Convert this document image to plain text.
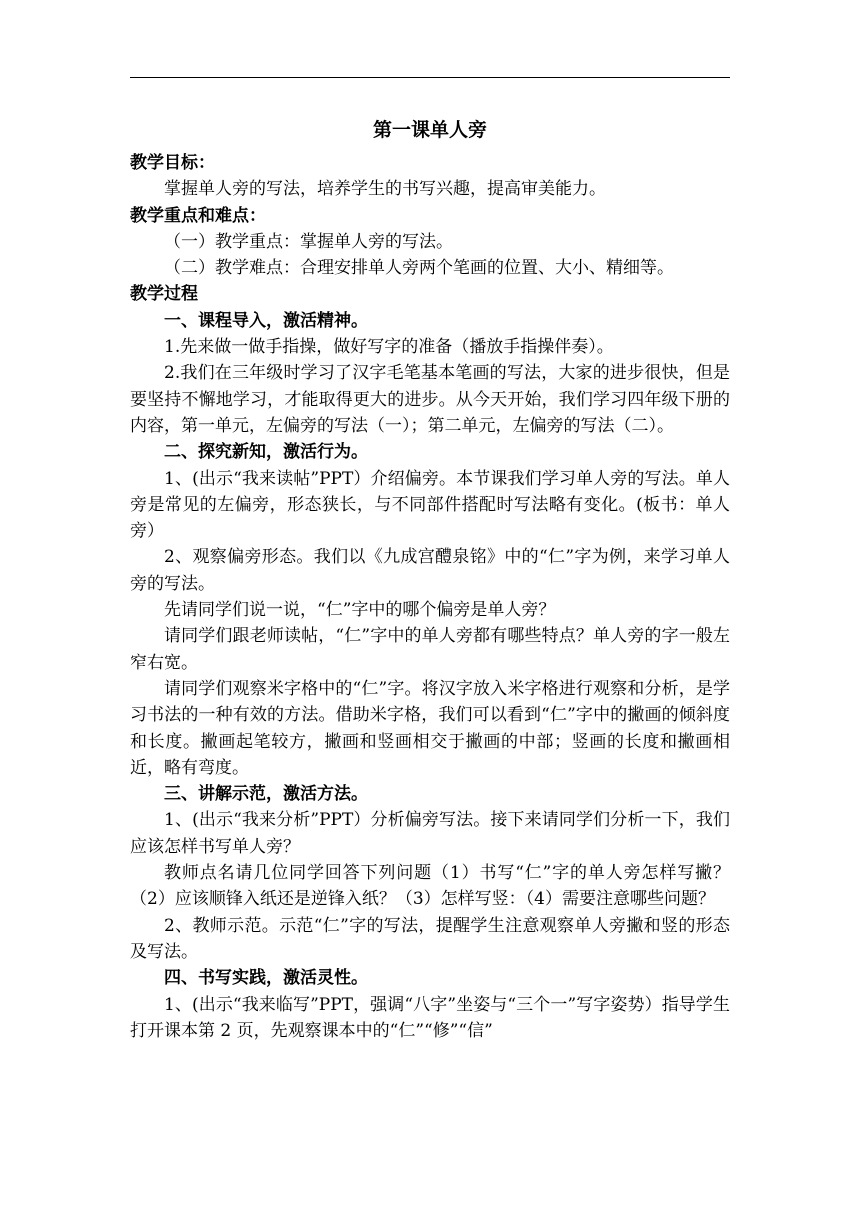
第一课单人旁

教学目标：

掌握单人旁的写法，培养学生的书写兴趣，提高审美能力。

教学重点和难点：

（一）教学重点：掌握单人旁的写法。

（二）教学难点：合理安排单人旁两个笔画的位置、大小、精细等。

教学过程

一、课程导入，激活精神。

1.先来做一做手指操，做好写字的准备（播放手指操伴奏）。

2.我们在三年级时学习了汉字毛笔基本笔画的写法，大家的进步很快，但是要坚持不懈地学习，才能取得更大的进步。从今天开始，我们学习四年级下册的内容，第一单元，左偏旁的写法（一）；第二单元，左偏旁的写法（二）。

二、探究新知，激活行为。

1、(出示“我来读帖”PPT）介绍偏旁。本节课我们学习单人旁的写法。单人旁是常见的左偏旁，形态狭长，与不同部件搭配时写法略有变化。(板书：单人旁）

2、观察偏旁形态。我们以《九成宫醴泉铭》中的“仁”字为例，来学习单人旁的写法。

先请同学们说一说，“仁”字中的哪个偏旁是单人旁？

请同学们跟老师读帖，“仁”字中的单人旁都有哪些特点？单人旁的字一般左窄右宽。

请同学们观察米字格中的“仁”字。将汉字放入米字格进行观察和分析，是学习书法的一种有效的方法。借助米字格，我们可以看到“仁”字中的撇画的倾斜度和长度。撇画起笔较方，撇画和竖画相交于撇画的中部；竖画的长度和撇画相近，略有弯度。

三、讲解示范，激活方法。

1、(出示“我来分析”PPT）分析偏旁写法。接下来请同学们分析一下，我们应该怎样书写单人旁？

教师点名请几位同学回答下列问题（1）书写“仁”字的单人旁怎样写撇？（2）应该顺锋入纸还是逆锋入纸？（3）怎样写竖：（4）需要注意哪些问题？

2、教师示范。示范“仁”字的写法，提醒学生注意观察单人旁撇和竖的形态及写法。

四、书写实践，激活灵性。

1、(出示“我来临写”PPT，强调“八字”坐姿与“三个一”写字姿势）指导学生打开课本第 2 页，先观察课本中的“仁”“修”“信”
